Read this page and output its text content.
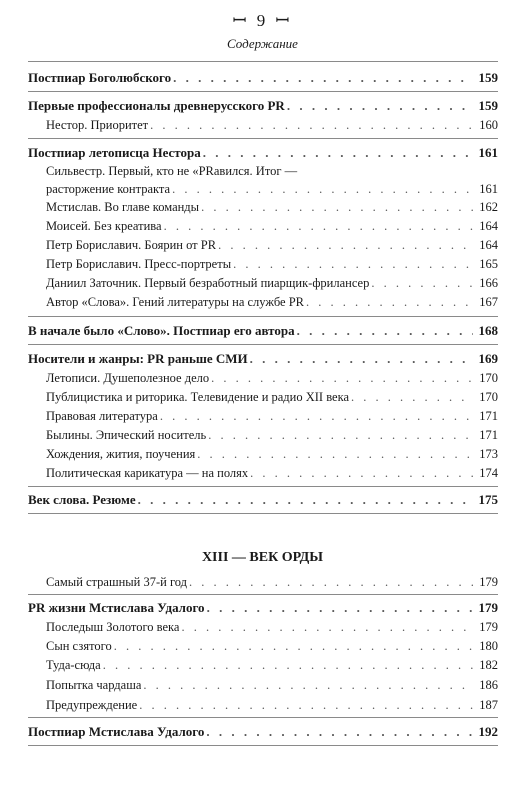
ꟷ 9 ꟷ
Содержание
Постпиар Боголюбского . . .	159
Первые профессионалы древнерусского PR . . .	159
Нестор. Приоритет . . .	160
Постпиар летописца Нестора . . .	161
Сильвестр. Первый, кто не «PRавился. Итог —
расторжение контракта . . .	161
Мстислав. Во главе команды . . .	162
Моисей. Без креатива . . .	164
Петр Бориславич. Боярин от PR . . .	164
Петр Бориславич. Пресс-портреты . . .	165
Даниил Заточник. Первый безработный пиарщик-фрилансер . . .	166
Автор «Слова». Гений литературы на службе PR . . .	167
В начале было «Слово». Постпиар его автора . . .	168
Носители и жанры: PR раньше СМИ . . .	169
Летописи. Душеполезное дело . . .	170
Публицистика и риторика. Телевидение и радио XII века . . .	170
Правовая литература . . .	171
Былины. Эпический носитель . . .	171
Хождения, жития, поучения . . .	173
Политическая карикатура — на полях . . .	174
Век слова. Резюме . . .	175
XIII — ВЕК ОРДЫ
Самый страшный 37-й год . . .	179
PR жизни Мстислава Удалого . . .	179
Последыш Золотого века . . .	179
Сын сзятого . . .	180
Туда-сюда . . .	182
Попытка чардаша . . .	186
Предупреждение . . .	187
Постпиар Мстислава Удалого . . .	192
